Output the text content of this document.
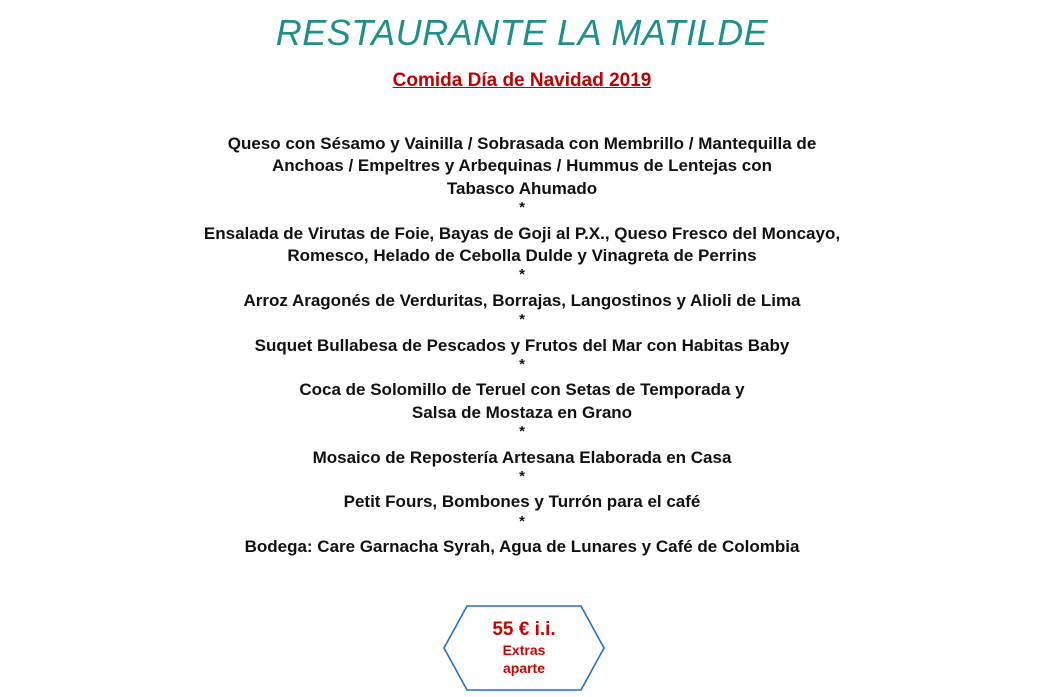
RESTAURANTE LA MATILDE
Comida Día de Navidad 2019
Queso con Sésamo y Vainilla / Sobrasada con Membrillo / Mantequilla de
Anchoas / Empeltres y Arbequinas / Hummus de Lentejas con
Tabasco Ahumado
*
Ensalada de Virutas de Foie, Bayas de Goji al P.X., Queso Fresco del Moncayo,
Romesco, Helado de Cebolla Dulde y Vinagreta de Perrins
*
Arroz Aragonés de Verduritas, Borrajas, Langostinos y Alioli de Lima
*
Suquet Bullabesa de Pescados y Frutos del Mar con Habitas Baby
*
Coca de Solomillo de Teruel con Setas de Temporada y
Salsa de Mostaza en Grano
*
Mosaico de Repostería Artesana Elaborada en Casa
*
Petit Fours, Bombones y Turrón para el café
*
Bodega: Care Garnacha Syrah, Agua de Lunares y Café de Colombia
55 € i.i.
Extras
aparte
